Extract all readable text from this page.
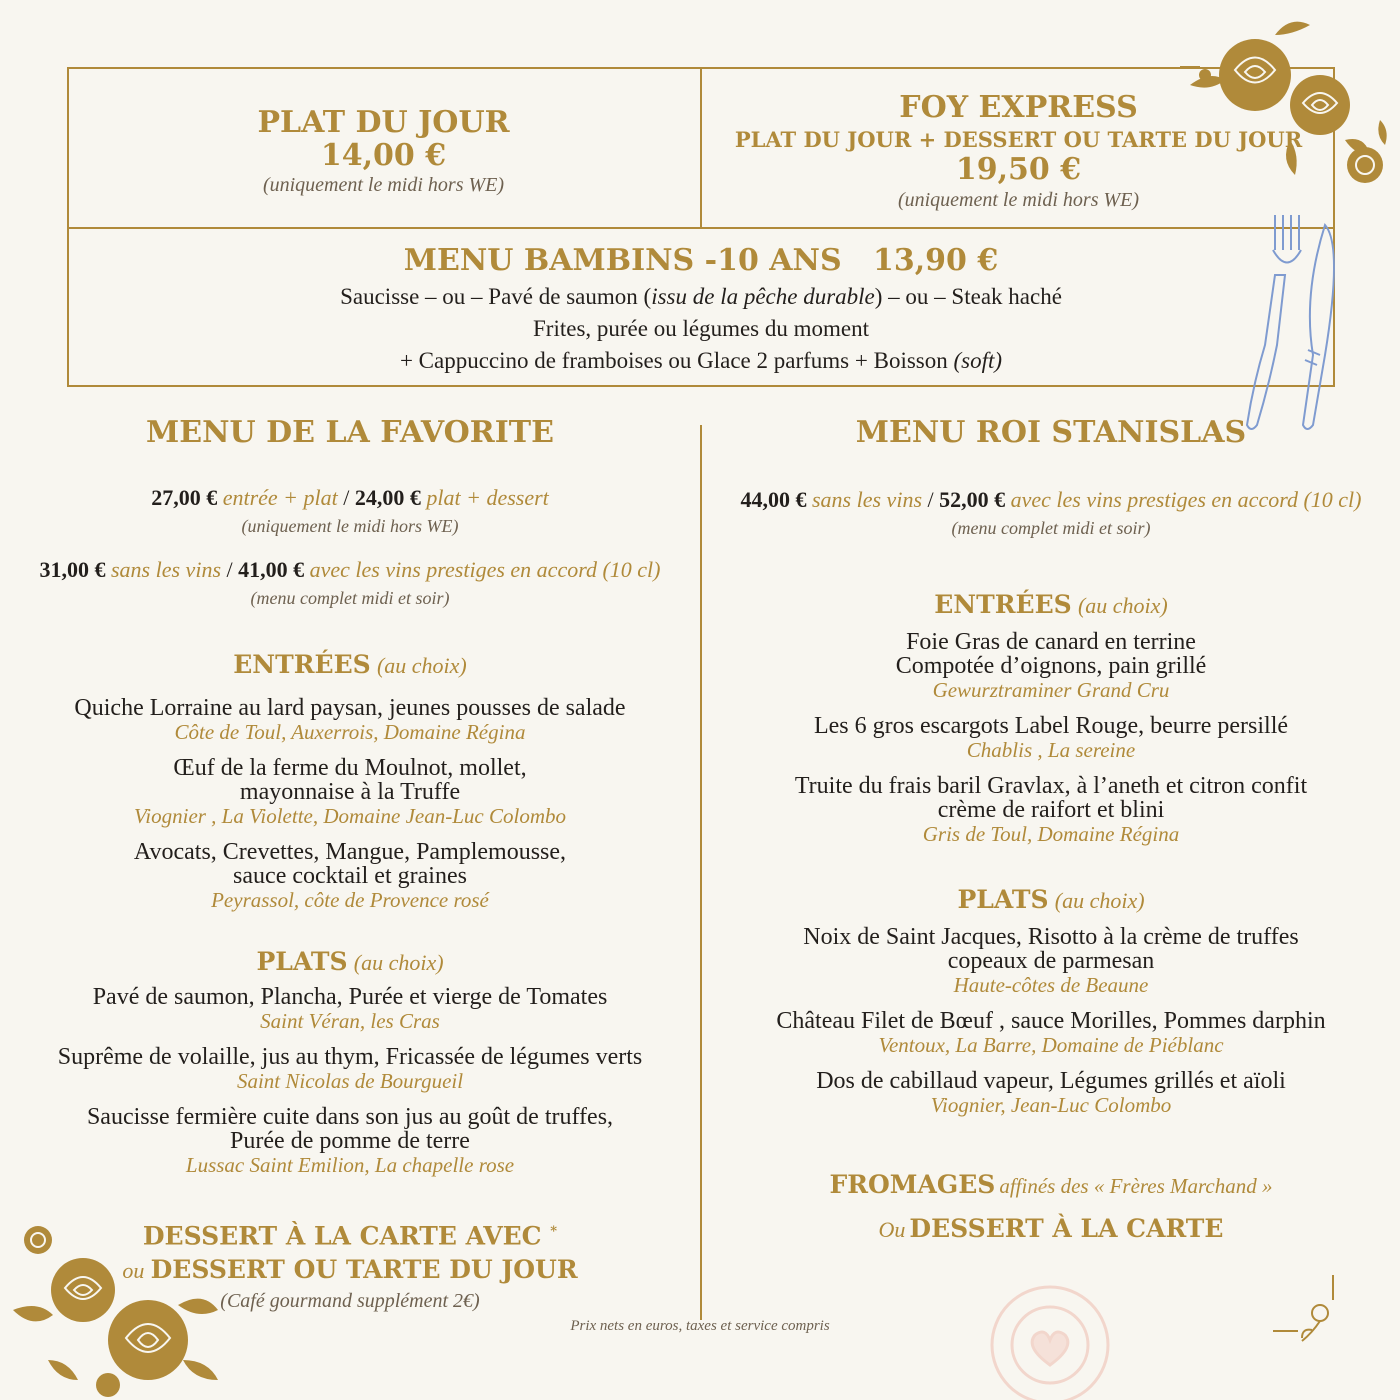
PLAT DU JOUR
14,00 €
(uniquement le midi hors WE)
FOY EXPRESS
PLAT DU JOUR + DESSERT OU TARTE DU JOUR
19,50 €
(uniquement le midi hors WE)
MENU BAMBINS -10 ANS   13,90 €
Saucisse – ou – Pavé de saumon (issu de la pêche durable) – ou – Steak haché
Frites, purée ou légumes du moment
+ Cappuccino de framboises ou Glace 2 parfums + Boisson (soft)
MENU DE LA FAVORITE
27,00 € entrée + plat / 24,00 € plat + dessert
(uniquement le midi hors WE)
31,00 € sans les vins / 41,00 € avec les vins prestiges en accord (10 cl)
(menu complet midi et soir)
ENTRÉES (au choix)
Quiche Lorraine au lard paysan, jeunes pousses de salade
Côte de Toul, Auxerrois, Domaine Régina
Œuf de la ferme du Moulnot, mollet,
mayonnaise à la Truffe
Viognier , La Violette, Domaine Jean-Luc Colombo
Avocats, Crevettes, Mangue, Pamplemousse,
sauce cocktail et graines
Peyrassol, côte de Provence rosé
PLATS (au choix)
Pavé de saumon, Plancha, Purée et vierge de Tomates
Saint Véran, les Cras
Suprême de volaille, jus au thym, Fricassée de légumes verts
Saint Nicolas de Bourgueil
Saucisse fermière cuite dans son jus au goût de truffes,
Purée de pomme de terre
Lussac Saint Emilion, La chapelle rose
DESSERT À LA CARTE AVEC *
ou DESSERT OU TARTE DU JOUR
(Café gourmand supplément 2€)
MENU ROI STANISLAS
44,00 € sans les vins / 52,00 € avec les vins prestiges en accord (10 cl)
(menu complet midi et soir)
ENTRÉES (au choix)
Foie Gras de canard en terrine
Compotée d’oignons, pain grillé
Gewurztraminer Grand Cru
Les 6 gros escargots Label Rouge, beurre persillé
Chablis , La sereine
Truite du frais baril Gravlax, à l’aneth et citron confit
crème de raifort et blini
Gris de Toul, Domaine Régina
PLATS (au choix)
Noix de Saint Jacques, Risotto à la crème de truffes
copeaux de parmesan
Haute-côtes de Beaune
Château Filet de Bœuf , sauce Morilles, Pommes darphin
Ventoux, La Barre, Domaine de Piéblanc
Dos de cabillaud vapeur, Légumes grillés et aïoli
Viognier, Jean-Luc Colombo
FROMAGES affinés des « Frères Marchand »
Ou DESSERT À LA CARTE
Prix nets en euros, taxes et service compris
